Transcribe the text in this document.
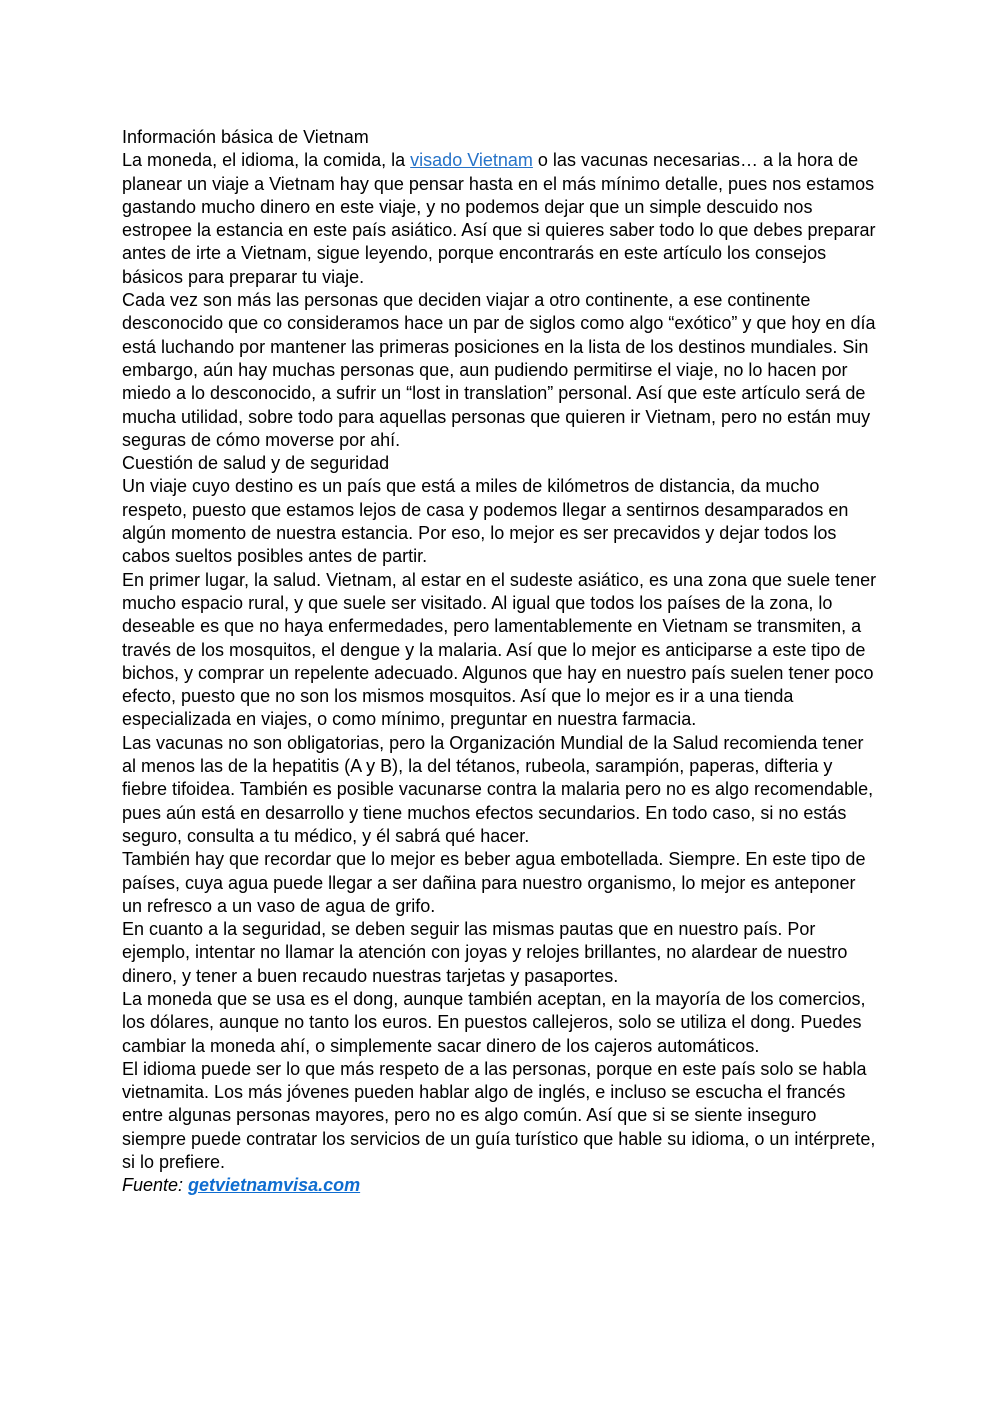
Información básica de Vietnam

La moneda, el idioma, la comida, la visado Vietnam o las vacunas necesarias… a la hora de planear un viaje a Vietnam hay que pensar hasta en el más mínimo detalle, pues nos estamos gastando mucho dinero en este viaje, y no podemos dejar que un simple descuido nos estropee la estancia en este país asiático. Así que si quieres saber todo lo que debes preparar antes de irte a Vietnam, sigue leyendo, porque encontrarás en este artículo los consejos básicos para preparar tu viaje.

Cada vez son más las personas que deciden viajar a otro continente, a ese continente desconocido que co consideramos hace un par de siglos como algo “exótico” y que hoy en día está luchando por mantener las primeras posiciones en la lista de los destinos mundiales. Sin embargo, aún hay muchas personas que, aun pudiendo permitirse el viaje, no lo hacen por miedo a lo desconocido, a sufrir un “lost in translation” personal. Así que este artículo será de mucha utilidad, sobre todo para aquellas personas que quieren ir Vietnam, pero no están muy seguras de cómo moverse por ahí.

Cuestión de salud y de seguridad

Un viaje cuyo destino es un país que está a miles de kilómetros de distancia, da mucho respeto, puesto que estamos lejos de casa y podemos llegar a sentirnos desamparados en algún momento de nuestra estancia. Por eso, lo mejor es ser precavidos y dejar todos los cabos sueltos posibles antes de partir.

En primer lugar, la salud. Vietnam, al estar en el sudeste asiático, es una zona que suele tener mucho espacio rural, y que suele ser visitado. Al igual que todos los países de la zona, lo deseable es que no haya enfermedades, pero lamentablemente en Vietnam se transmiten, a través de los mosquitos, el dengue y la malaria. Así que lo mejor es anticiparse a este tipo de bichos, y comprar un repelente adecuado. Algunos que hay en nuestro país suelen tener poco efecto, puesto que no son los mismos mosquitos. Así que lo mejor es ir a una tienda especializada en viajes, o como mínimo, preguntar en nuestra farmacia.

Las vacunas no son obligatorias, pero la Organización Mundial de la Salud recomienda tener al menos las de la hepatitis (A y B), la del tétanos, rubeola, sarampión, paperas, difteria y fiebre tifoidea. También es posible vacunarse contra la malaria pero no es algo recomendable, pues aún está en desarrollo y tiene muchos efectos secundarios. En todo caso, si no estás seguro, consulta a tu médico, y él sabrá qué hacer.

También hay que recordar que lo mejor es beber agua embotellada. Siempre. En este tipo de países, cuya agua puede llegar a ser dañina para nuestro organismo, lo mejor es anteponer un refresco a un vaso de agua de grifo.

En cuanto a la seguridad, se deben seguir las mismas pautas que en nuestro país. Por ejemplo, intentar no llamar la atención con joyas y relojes brillantes, no alardear de nuestro dinero, y tener a buen recaudo nuestras tarjetas y pasaportes.

La moneda que se usa es el dong, aunque también aceptan, en la mayoría de los comercios, los dólares, aunque no tanto los euros. En puestos callejeros, solo se utiliza el dong. Puedes cambiar la moneda ahí, o simplemente sacar dinero de los cajeros automáticos.

El idioma puede ser lo que más respeto de a las personas, porque en este país solo se habla vietnamita. Los más jóvenes pueden hablar algo de inglés, e incluso se escucha el francés entre algunas personas mayores, pero no es algo común. Así que si se siente inseguro siempre puede contratar los servicios de un guía turístico que hable su idioma, o un intérprete, si lo prefiere.

Fuente: getvietnamvisa.com
